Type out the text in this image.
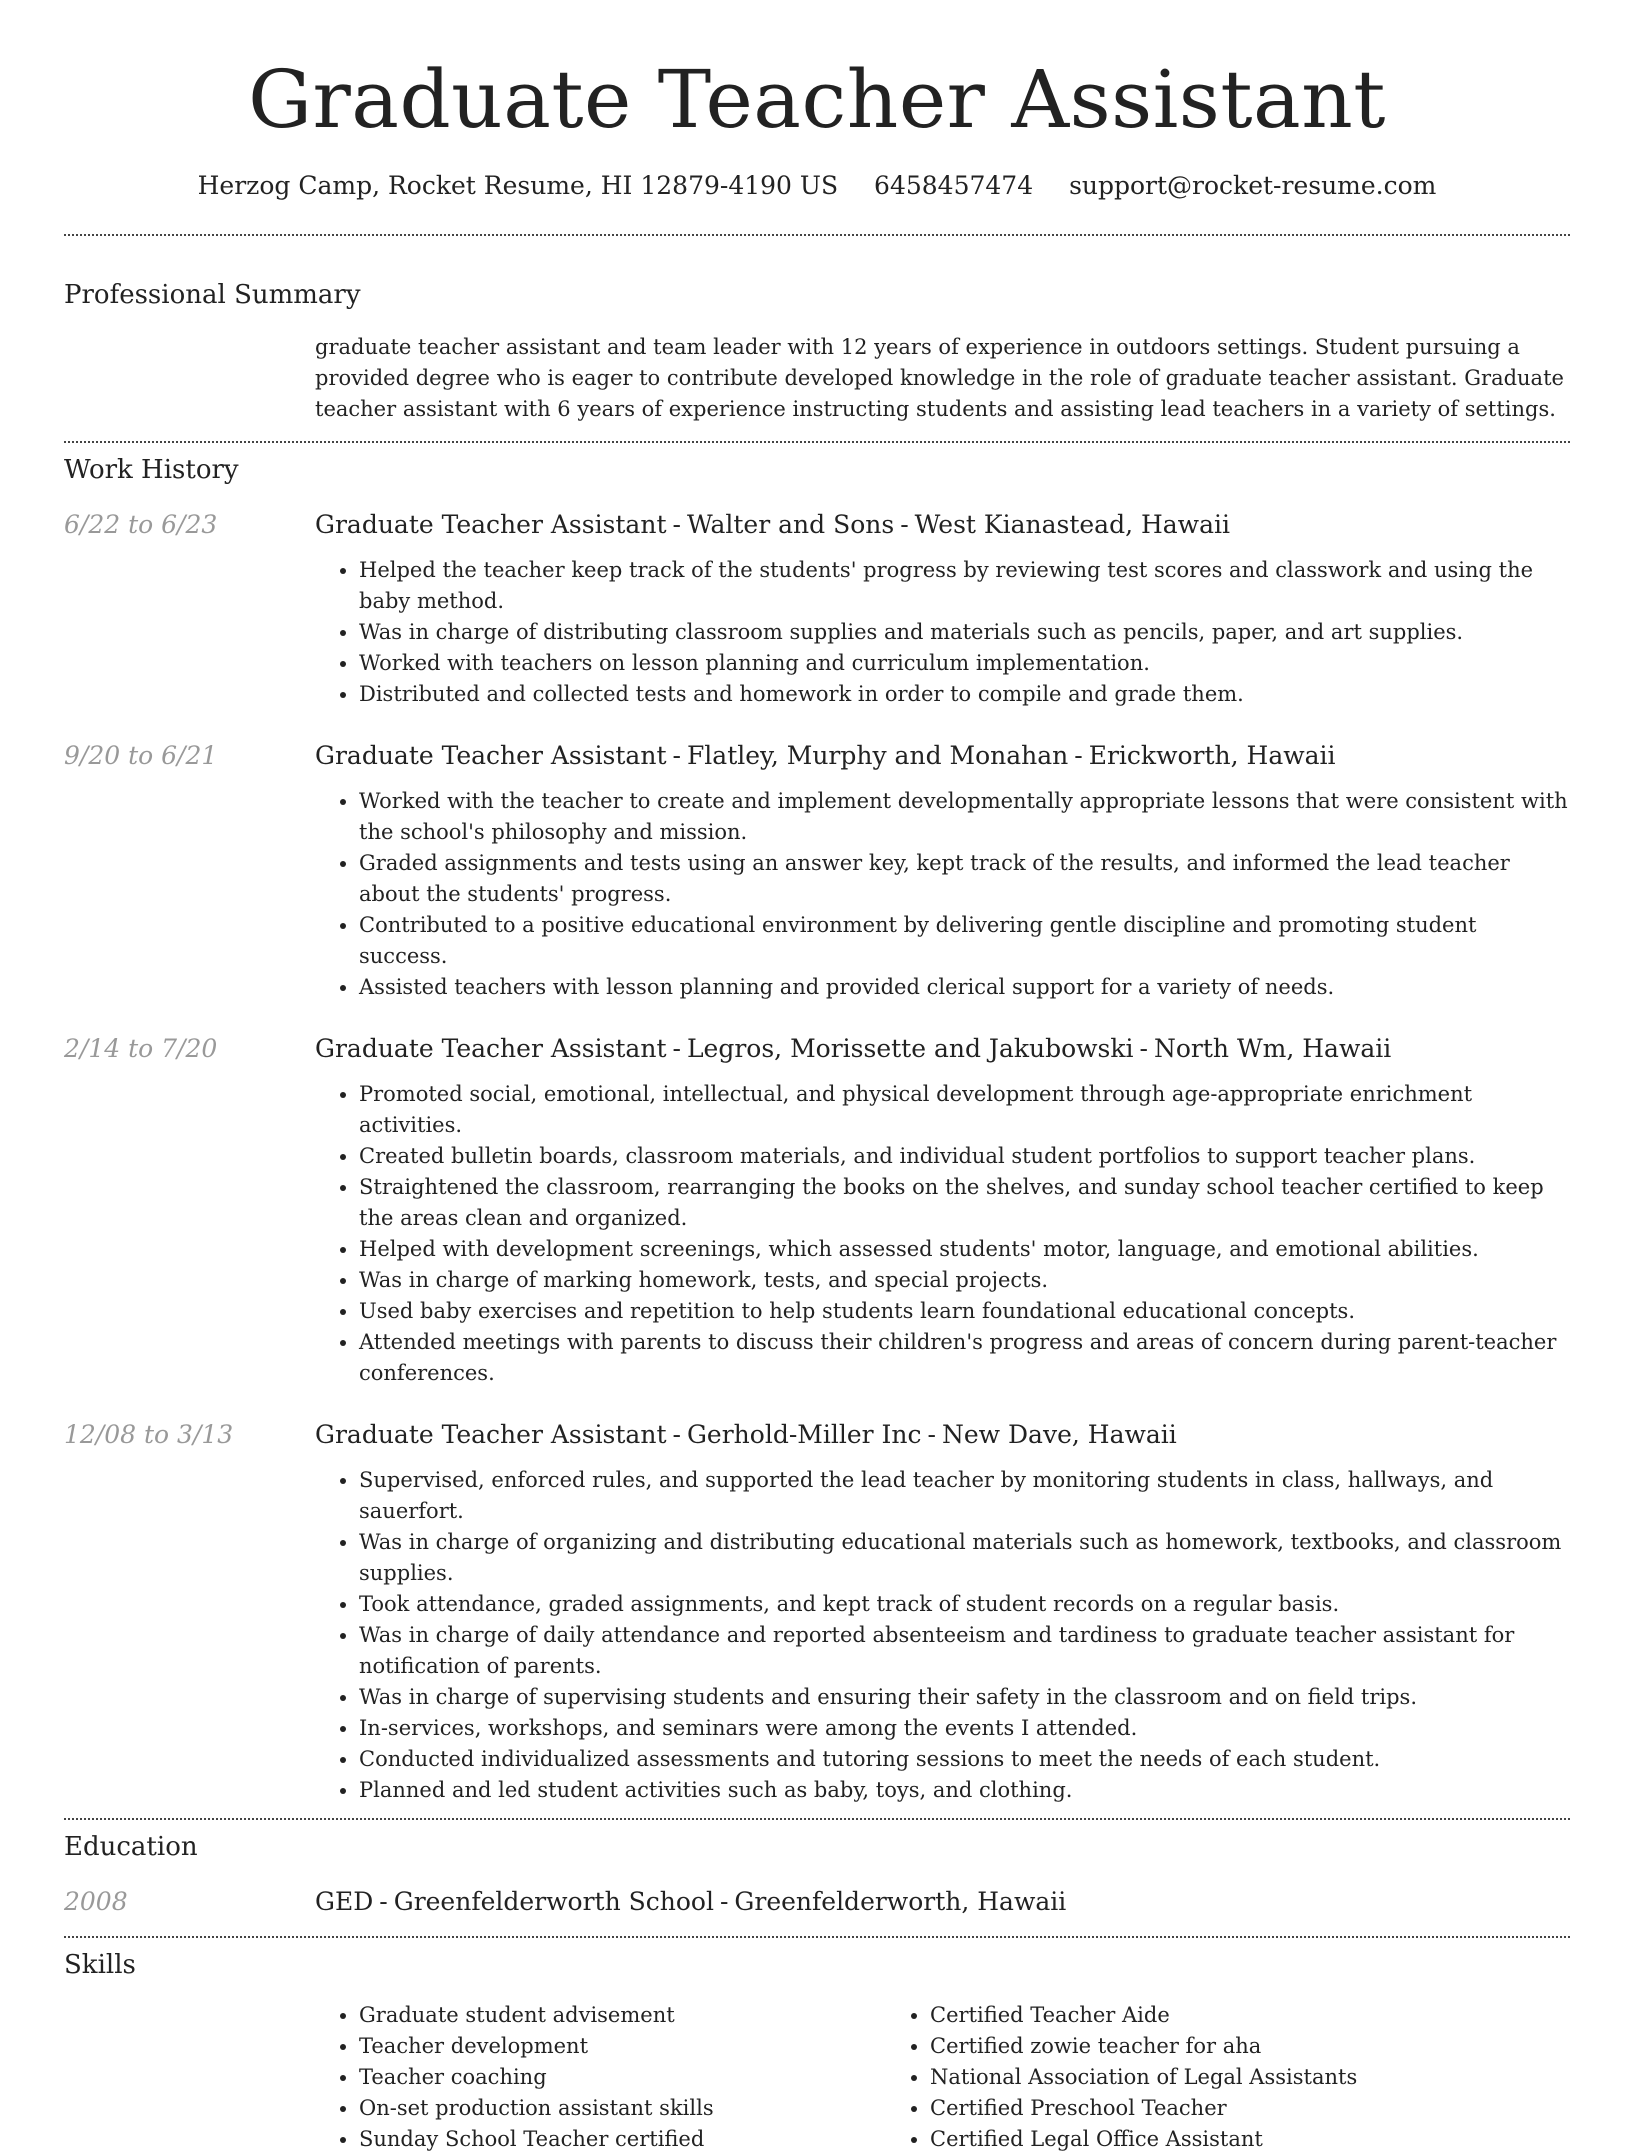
Graduate Teacher Assistant
Herzog Camp, Rocket Resume, HI 12879-4190 US 6458457474 support@rocket-resume.com
Professional Summary
graduate teacher assistant and team leader with 12 years of experience in outdoors settings. Student pursuing a provided degree who is eager to contribute developed knowledge in the role of graduate teacher assistant. Graduate teacher assistant with 6 years of experience instructing students and assisting lead teachers in a variety of settings.
Work History
6/22 to 6/23	Graduate Teacher Assistant - Walter and Sons - West Kianastead, Hawaii
• Helped the teacher keep track of the students' progress by reviewing test scores and classwork and using the baby method.
• Was in charge of distributing classroom supplies and materials such as pencils, paper, and art supplies.
• Worked with teachers on lesson planning and curriculum implementation.
• Distributed and collected tests and homework in order to compile and grade them.
9/20 to 6/21	Graduate Teacher Assistant - Flatley, Murphy and Monahan - Erickworth, Hawaii
• Worked with the teacher to create and implement developmentally appropriate lessons that were consistent with the school's philosophy and mission.
• Graded assignments and tests using an answer key, kept track of the results, and informed the lead teacher about the students' progress.
• Contributed to a positive educational environment by delivering gentle discipline and promoting student success.
• Assisted teachers with lesson planning and provided clerical support for a variety of needs.
2/14 to 7/20	Graduate Teacher Assistant - Legros, Morissette and Jakubowski - North Wm, Hawaii
• Promoted social, emotional, intellectual, and physical development through age-appropriate enrichment activities.
• Created bulletin boards, classroom materials, and individual student portfolios to support teacher plans.
• Straightened the classroom, rearranging the books on the shelves, and sunday school teacher certified to keep the areas clean and organized.
• Helped with development screenings, which assessed students' motor, language, and emotional abilities.
• Was in charge of marking homework, tests, and special projects.
• Used baby exercises and repetition to help students learn foundational educational concepts.
• Attended meetings with parents to discuss their children's progress and areas of concern during parent-teacher conferences.
12/08 to 3/13	Graduate Teacher Assistant - Gerhold-Miller Inc - New Dave, Hawaii
• Supervised, enforced rules, and supported the lead teacher by monitoring students in class, hallways, and sauerfort.
• Was in charge of organizing and distributing educational materials such as homework, textbooks, and classroom supplies.
• Took attendance, graded assignments, and kept track of student records on a regular basis.
• Was in charge of daily attendance and reported absenteeism and tardiness to graduate teacher assistant for notification of parents.
• Was in charge of supervising students and ensuring their safety in the classroom and on field trips.
• In-services, workshops, and seminars were among the events I attended.
• Conducted individualized assessments and tutoring sessions to meet the needs of each student.
• Planned and led student activities such as baby, toys, and clothing.
Education
2008	GED - Greenfelderworth School - Greenfelderworth, Hawaii
Skills
• Graduate student advisement
• Teacher development
• Teacher coaching
• On-set production assistant skills
• Sunday School Teacher certified
• Certified Teacher Aide
• Certified zowie teacher for aha
• National Association of Legal Assistants
• Certified Preschool Teacher
• Certified Legal Office Assistant
